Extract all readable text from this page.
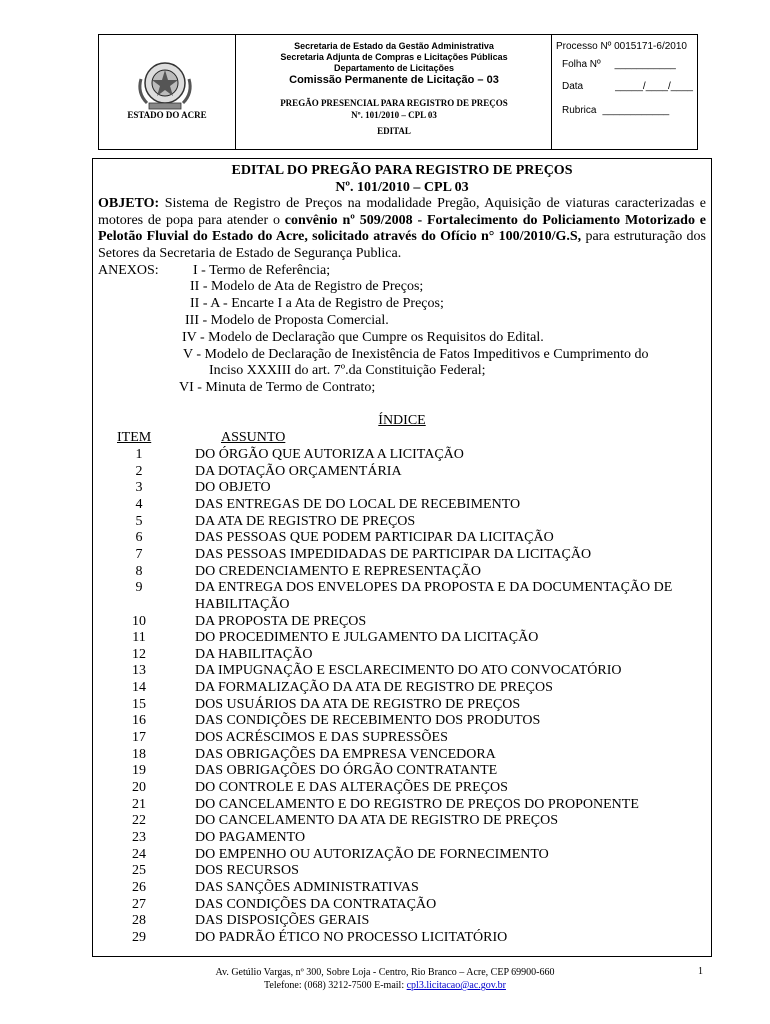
ESTADO DO ACRE
Secretaria de Estado da Gestão Administrativa
Secretaria Adjunta de Compras e Licitações Públicas
Departamento de Licitações
Comissão Permanente de Licitação – 03
PREGÃO PRESENCIAL PARA REGISTRO DE PREÇOS
Nº. 101/2010 – CPL 03
EDITAL
Processo Nº 0015171-6/2010
Folha Nº ___________
Data	_____/____/____
Rubrica ____________
EDITAL DO PREGÃO PARA REGISTRO DE PREÇOS
Nº. 101/2010 – CPL 03
OBJETO: Sistema de Registro de Preços na modalidade Pregão, Aquisição de viaturas caracterizadas e motores de popa para atender o convênio nº 509/2008 - Fortalecimento do Policiamento Motorizado e Pelotão Fluvial do Estado do Acre, solicitado através do Ofício n° 100/2010/G.S, para estruturação dos Setores da Secretaria de Estado de Segurança Publica.
ANEXOS: I - Termo de Referência;
II - Modelo de Ata de Registro de Preços;
II - A - Encarte I a Ata de Registro de Preços;
III - Modelo de Proposta Comercial.
IV - Modelo de Declaração que Cumpre os Requisitos do Edital.
V - Modelo de Declaração de Inexistência de Fatos Impeditivos e Cumprimento do
Inciso XXXIII do art. 7º.da Constituição Federal;
VI - Minuta de Termo de Contrato;
ÍNDICE
ITEM	ASSUNTO
1	DO ÓRGÃO QUE AUTORIZA A LICITAÇÃO
2	DA DOTAÇÃO ORÇAMENTÁRIA
3	DO OBJETO
4	DAS ENTREGAS DE DO LOCAL DE RECEBIMENTO
5	DA ATA DE REGISTRO DE PREÇOS
6	DAS PESSOAS QUE PODEM PARTICIPAR DA LICITAÇÃO
7	DAS PESSOAS IMPEDIDADAS DE PARTICIPAR DA LICITAÇÃO
8	DO CREDENCIAMENTO E REPRESENTAÇÃO
9	DA ENTREGA DOS ENVELOPES DA PROPOSTA E DA DOCUMENTAÇÃO DE HABILITAÇÃO
10	DA PROPOSTA DE PREÇOS
11	DO PROCEDIMENTO E JULGAMENTO DA LICITAÇÃO
12	DA HABILITAÇÃO
13	DA IMPUGNAÇÃO E ESCLARECIMENTO DO ATO CONVOCATÓRIO
14	DA FORMALIZAÇÃO DA ATA DE REGISTRO DE PREÇOS
15	DOS USUÁRIOS DA ATA DE REGISTRO DE PREÇOS
16	DAS CONDIÇÕES DE RECEBIMENTO DOS PRODUTOS
17	DOS ACRÉSCIMOS E DAS SUPRESSÕES
18	DAS OBRIGAÇÕES DA EMPRESA VENCEDORA
19	DAS OBRIGAÇÕES DO ÓRGÃO CONTRATANTE
20	DO CONTROLE E DAS ALTERAÇÕES DE PREÇOS
21	DO CANCELAMENTO E DO REGISTRO DE PREÇOS DO PROPONENTE
22	DO CANCELAMENTO DA ATA DE REGISTRO DE PREÇOS
23	DO PAGAMENTO
24	DO EMPENHO OU AUTORIZAÇÃO DE FORNECIMENTO
25	DOS RECURSOS
26	DAS SANÇÕES ADMINISTRATIVAS
27	DAS CONDIÇÕES DA CONTRATAÇÃO
28	DAS DISPOSIÇÕES GERAIS
29	DO PADRÃO ÉTICO NO PROCESSO LICITATÓRIO
Av. Getúlio Vargas, nº 300, Sobre Loja - Centro, Rio Branco – Acre, CEP 69900-660
Telefone: (068) 3212-7500 E-mail: cpl3.licitacao@ac.gov.br
1
